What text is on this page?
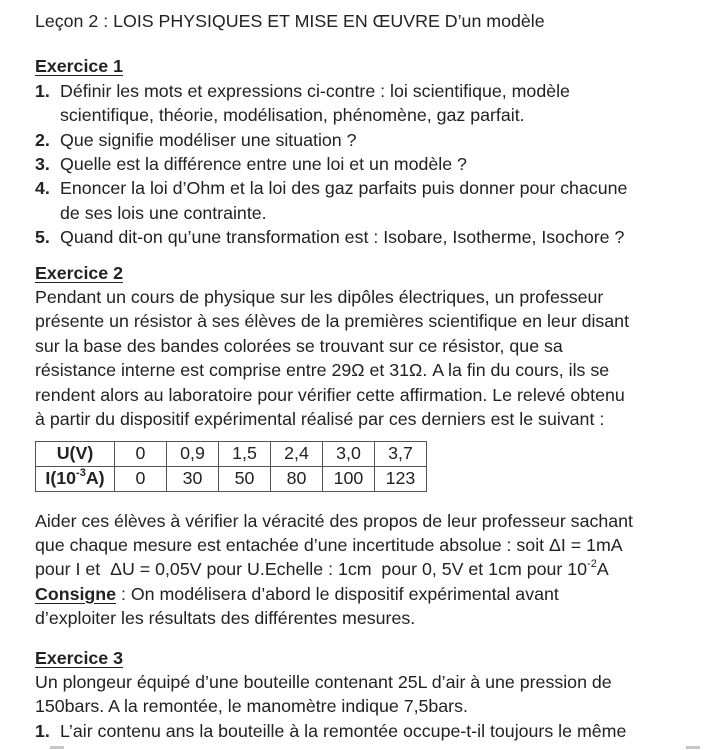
Leçon 2 : LOIS PHYSIQUES ET MISE EN ŒUVRE D’un modèle
Exercice 1
1. Définir les mots et expressions ci-contre : loi scientifique, modèle
scientifique, théorie, modélisation, phénomène, gaz parfait.
2. Que signifie modéliser une situation ?
3. Quelle est la différence entre une loi et un modèle ?
4. Enoncer la loi d’Ohm et la loi des gaz parfaits puis donner pour chacune
de ses lois une contrainte.
5. Quand dit-on qu’une transformation est : Isobare, Isotherme, Isochore ?
Exercice 2
Pendant un cours de physique sur les dipôles électriques, un professeur
présente un résistor à ses élèves de la premières scientifique en leur disant
sur la base des bandes colorées se trouvant sur ce résistor, que sa
résistance interne est comprise entre 29Ω et 31Ω. A la fin du cours, ils se
rendent alors au laboratoire pour vérifier cette affirmation. Le relevé obtenu
à partir du dispositif expérimental réalisé par ces derniers est le suivant :
U(V)	0	0,9	1,5	2,4	3,0	3,7
$I(10^{-3}A)$	0	30	50	80	100	123
Aider ces élèves à vérifier la véracité des propos de leur professeur sachant
que chaque mesure est entachée d’une incertitude absolue : soit ΔI = 1mA
pour I et  ΔU = 0,05V pour U.Echelle : 1cm  pour 0, 5V et 1cm pour $10^{-2}A$
Consigne : On modélisera d’abord le dispositif expérimental avant
d’exploiter les résultats des différentes mesures.
Exercice 3
Un plongeur équipé d’une bouteille contenant 25L d’air à une pression de
150bars. A la remontée, le manomètre indique 7,5bars.
1. L’air contenu ans la bouteille à la remontée occupe-t-il toujours le même
